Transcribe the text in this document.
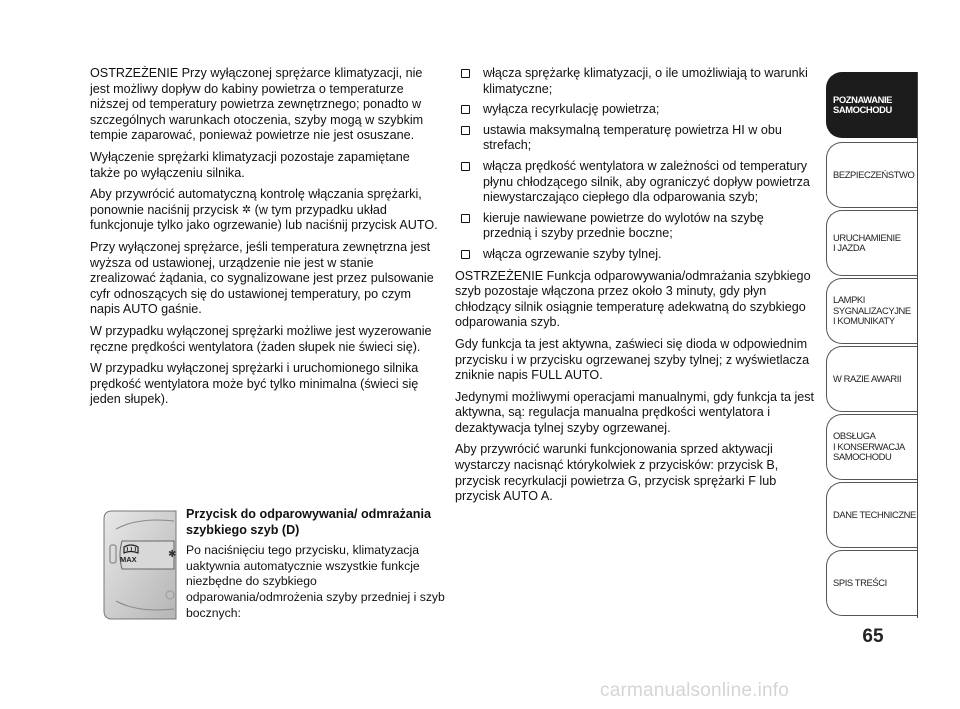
OSTRZEŻENIE Przy wyłączonej sprężarce klimatyzacji, nie jest możliwy dopływ do kabiny powietrza o temperaturze niższej od temperatury powietrza zewnętrznego; ponadto w szczególnych warunkach otoczenia, szyby mogą w szybkim tempie zaparować, ponieważ powietrze nie jest osuszane.

Wyłączenie sprężarki klimatyzacji pozostaje zapamiętane także po wyłączeniu silnika.

Aby przywrócić automatyczną kontrolę włączania sprężarki, ponownie naciśnij przycisk ✲ (w tym przypadku układ funkcjonuje tylko jako ogrzewanie) lub naciśnij przycisk AUTO.

Przy wyłączonej sprężarce, jeśli temperatura zewnętrzna jest wyższa od ustawionej, urządzenie nie jest w stanie zrealizować żądania, co sygnalizowane jest przez pulsowanie cyfr odnoszących się do ustawionej temperatury, po czym napis AUTO gaśnie.

W przypadku wyłączonej sprężarki możliwe jest wyzerowanie ręczne prędkości wentylatora (żaden słupek nie świeci się).

W przypadku wyłączonej sprężarki i uruchomionego silnika prędkość wentylatora może być tylko minimalna (świeci się jeden słupek).

MAX	✱

Przycisk do odparowywania/ odmrażania szybkiego szyb (D)

Po naciśnięciu tego przycisku, klimatyzacja uaktywnia automatycznie wszystkie funkcje niezbędne do szybkiego odparowania/odmrożenia szyby przedniej i szyb bocznych:

włącza sprężarkę klimatyzacji, o ile umożliwiają to warunki klimatyczne;
wyłącza recyrkulację powietrza;
ustawia maksymalną temperaturę powietrza HI w obu strefach;
włącza prędkość wentylatora w zależności od temperatury płynu chłodzącego silnik, aby ograniczyć dopływ powietrza niewystarczająco ciepłego dla odparowania szyb;
kieruje nawiewane powietrze do wylotów na szybę przednią i szyby przednie boczne;
włącza ogrzewanie szyby tylnej.

OSTRZEŻENIE Funkcja odparowywania/odmrażania szybkiego szyb pozostaje włączona przez około 3 minuty, gdy płyn chłodzący silnik osiągnie temperaturę adekwatną do szybkiego odparowania szyb.

Gdy funkcja ta jest aktywna, zaświeci się dioda w odpowiednim przycisku i w przycisku ogrzewanej szyby tylnej; z wyświetlacza zniknie napis FULL AUTO.

Jedynymi możliwymi operacjami manualnymi, gdy funkcja ta jest aktywna, są: regulacja manualna prędkości wentylatora i dezaktywacja tylnej szyby ogrzewanej.

Aby przywrócić warunki funkcjonowania sprzed aktywacji wystarczy nacisnąć którykolwiek z przycisków: przycisk B, przycisk recyrkulacji powietrza G, przycisk sprężarki F lub przycisk AUTO A.

POZNAWANIE
SAMOCHODU
BEZPIECZEŃSTWO
URUCHAMIENIE
I JAZDA
LAMPKI
SYGNALIZACYJNE
I KOMUNIKATY
W RAZIE AWARII
OBSŁUGA
I KONSERWACJA
SAMOCHODU
DANE TECHNICZNE
SPIS TREŚCI
65
carmanualsonline.info
